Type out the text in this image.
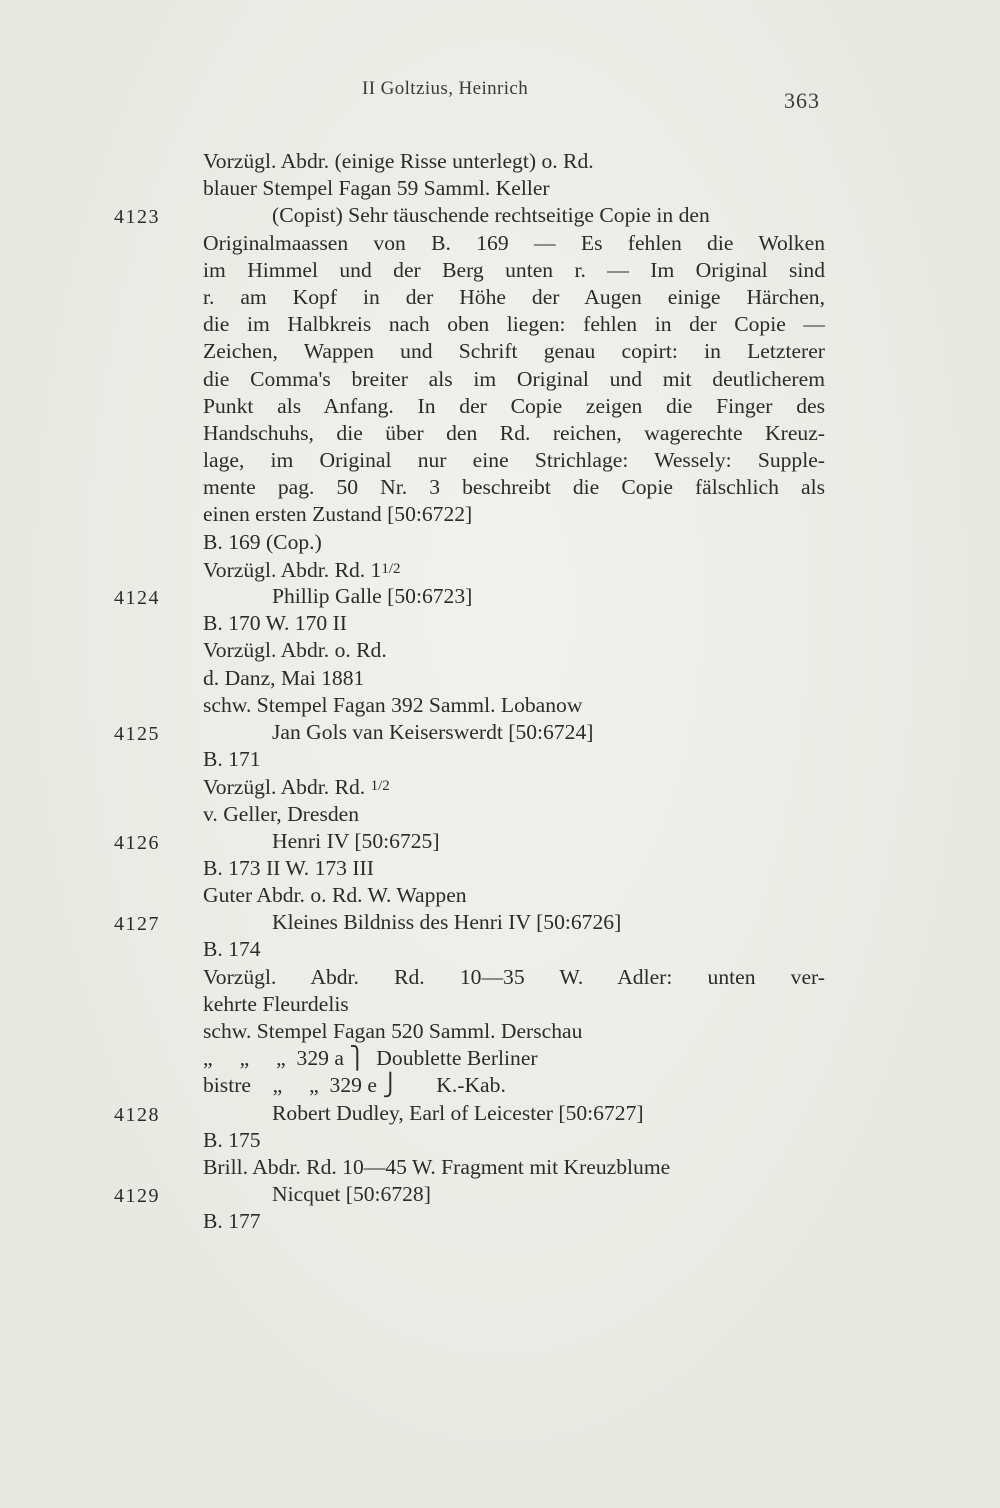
II Goltzius, Heinrich	363
Vorzügl. Abdr. (einige Risse unterlegt) o. Rd.
blauer Stempel Fagan 59 Samml. Keller
4123	(Copist) Sehr täuschende rechtseitige Copie in den
Originalmaassen von B. 169 — Es fehlen die Wolken
im Himmel und der Berg unten r. — Im Original sind
r. am Kopf in der Höhe der Augen einige Härchen,
die im Halbkreis nach oben liegen: fehlen in der Copie —
Zeichen, Wappen und Schrift genau copirt: in Letzterer
die Comma's breiter als im Original und mit deutlicherem
Punkt als Anfang. In der Copie zeigen die Finger des
Handschuhs, die über den Rd. reichen, wagerechte Kreuz-
lage, im Original nur eine Strichlage: Wessely: Supple-
mente pag. 50 Nr. 3 beschreibt die Copie fälschlich als
einen ersten Zustand [50:6722]
B. 169 (Cop.)
Vorzügl. Abdr. Rd. 11/2
4124	Phillip Galle [50:6723]
B. 170 W. 170 II
Vorzügl. Abdr. o. Rd.
d. Danz, Mai 1881
schw. Stempel Fagan 392 Samml. Lobanow
4125	Jan Gols van Keiserswerdt [50:6724]
B. 171
Vorzügl. Abdr. Rd. 1/2
v. Geller, Dresden
4126	Henri IV [50:6725]
B. 173 II W. 173 III
Guter Abdr. o. Rd. W. Wappen
4127	Kleines Bildniss des Henri IV [50:6726]
B. 174
Vorzügl. Abdr. Rd. 10—35 W. Adler: unten ver-
kehrte Fleurdelis
schw. Stempel Fagan 520 Samml. Derschau
„     „     „  329 a ⎫  Doublette Berliner
bistre    „     „  329 e ⎭       K.-Kab.
4128	Robert Dudley, Earl of Leicester [50:6727]
B. 175
Brill. Abdr. Rd. 10—45 W. Fragment mit Kreuzblume
4129	Nicquet [50:6728]
B. 177
